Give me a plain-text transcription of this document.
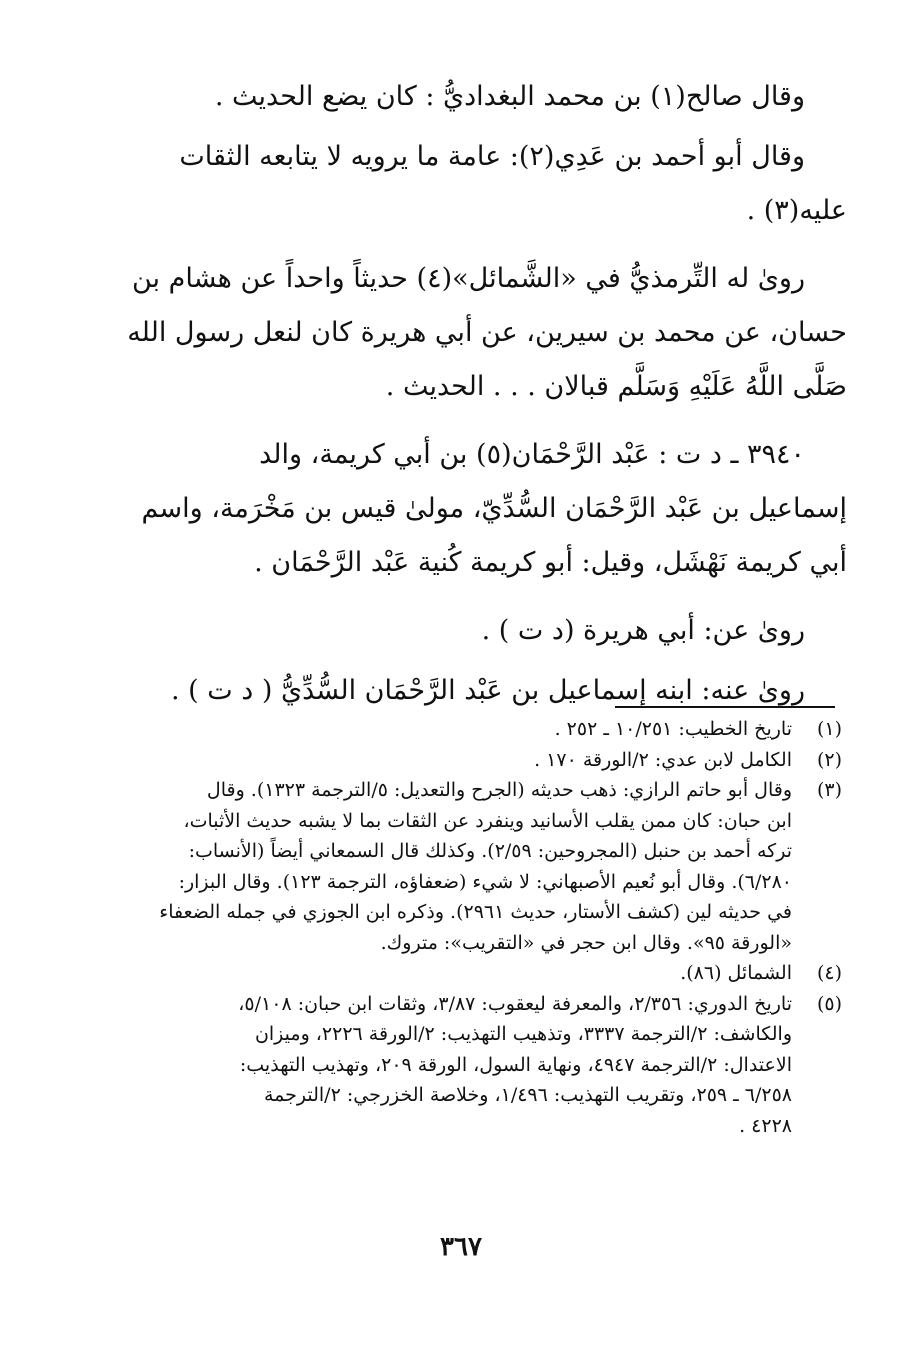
وقال صالح(١) بن محمد البغداديُّ : كان يضع الحديث .
وقال أبو أحمد بن عَدِي(٢): عامة ما يرويه لا يتابعه الثقات
عليه(٣) .
روىٰ له التِّرمذيُّ في «الشَّمائل»(٤) حديثاً واحداً عن هشام بن
حسان، عن محمد بن سيرين، عن أبي هريرة كان لنعل رسول الله
صَلَّى اللَّهُ عَلَيْهِ وَسَلَّم قبالان . . . الحديث .
٣٩٤٠ ـ د ت : عَبْد الرَّحْمَان(٥) بن أبي كريمة، والد
إسماعيل بن عَبْد الرَّحْمَان السُّدِّيّ، مولىٰ قيس بن مَخْرَمة، واسم
أبي كريمة نَهْشَل، وقيل: أبو كريمة كُنية عَبْد الرَّحْمَان .
روىٰ عن: أبي هريرة (د ت ) .
روىٰ عنه: ابنه إسماعيل بن عَبْد الرَّحْمَان السُّدِّيُّ ( د ت ) .
(١)
تاريخ الخطيب: ١٠/٢٥١ ـ ٢٥٢ .
(٢)
الكامل لابن عدي: ٢/الورقة ١٧٠ .
(٣)
وقال أبو حاتم الرازي: ذهب حديثه (الجرح والتعديل: ٥/الترجمة ١٣٢٣). وقال
ابن حبان: كان ممن يقلب الأسانيد وينفرد عن الثقات بما لا يشبه حديث الأثبات،
تركه أحمد بن حنبل (المجروحين: ٢/٥٩). وكذلك قال السمعاني أيضاً (الأنساب:
٦/٢٨٠). وقال أبو نُعيم الأصبهاني: لا شيء (ضعفاؤه، الترجمة ١٢٣). وقال البزار:
في حديثه لين (كشف الأستار، حديث ٢٩٦١). وذكره ابن الجوزي في جمله الضعفاء
«الورقة ٩٥». وقال ابن حجر في «التقريب»: متروك.
(٤)
الشمائل (٨٦).
(٥)
تاريخ الدوري: ٢/٣٥٦، والمعرفة ليعقوب: ٣/٨٧، وثقات ابن حبان: ٥/١٠٨،
والكاشف: ٢/الترجمة ٣٣٣٧، وتذهيب التهذيب: ٢/الورقة ٢٢٢٦، وميزان
الاعتدال: ٢/الترجمة ٤٩٤٧، ونهاية السول، الورقة ٢٠٩، وتهذيب التهذيب:
٦/٢٥٨ ـ ٢٥٩، وتقريب التهذيب: ١/٤٩٦، وخلاصة الخزرجي: ٢/الترجمة
٤٢٢٨ .
٣٦٧
